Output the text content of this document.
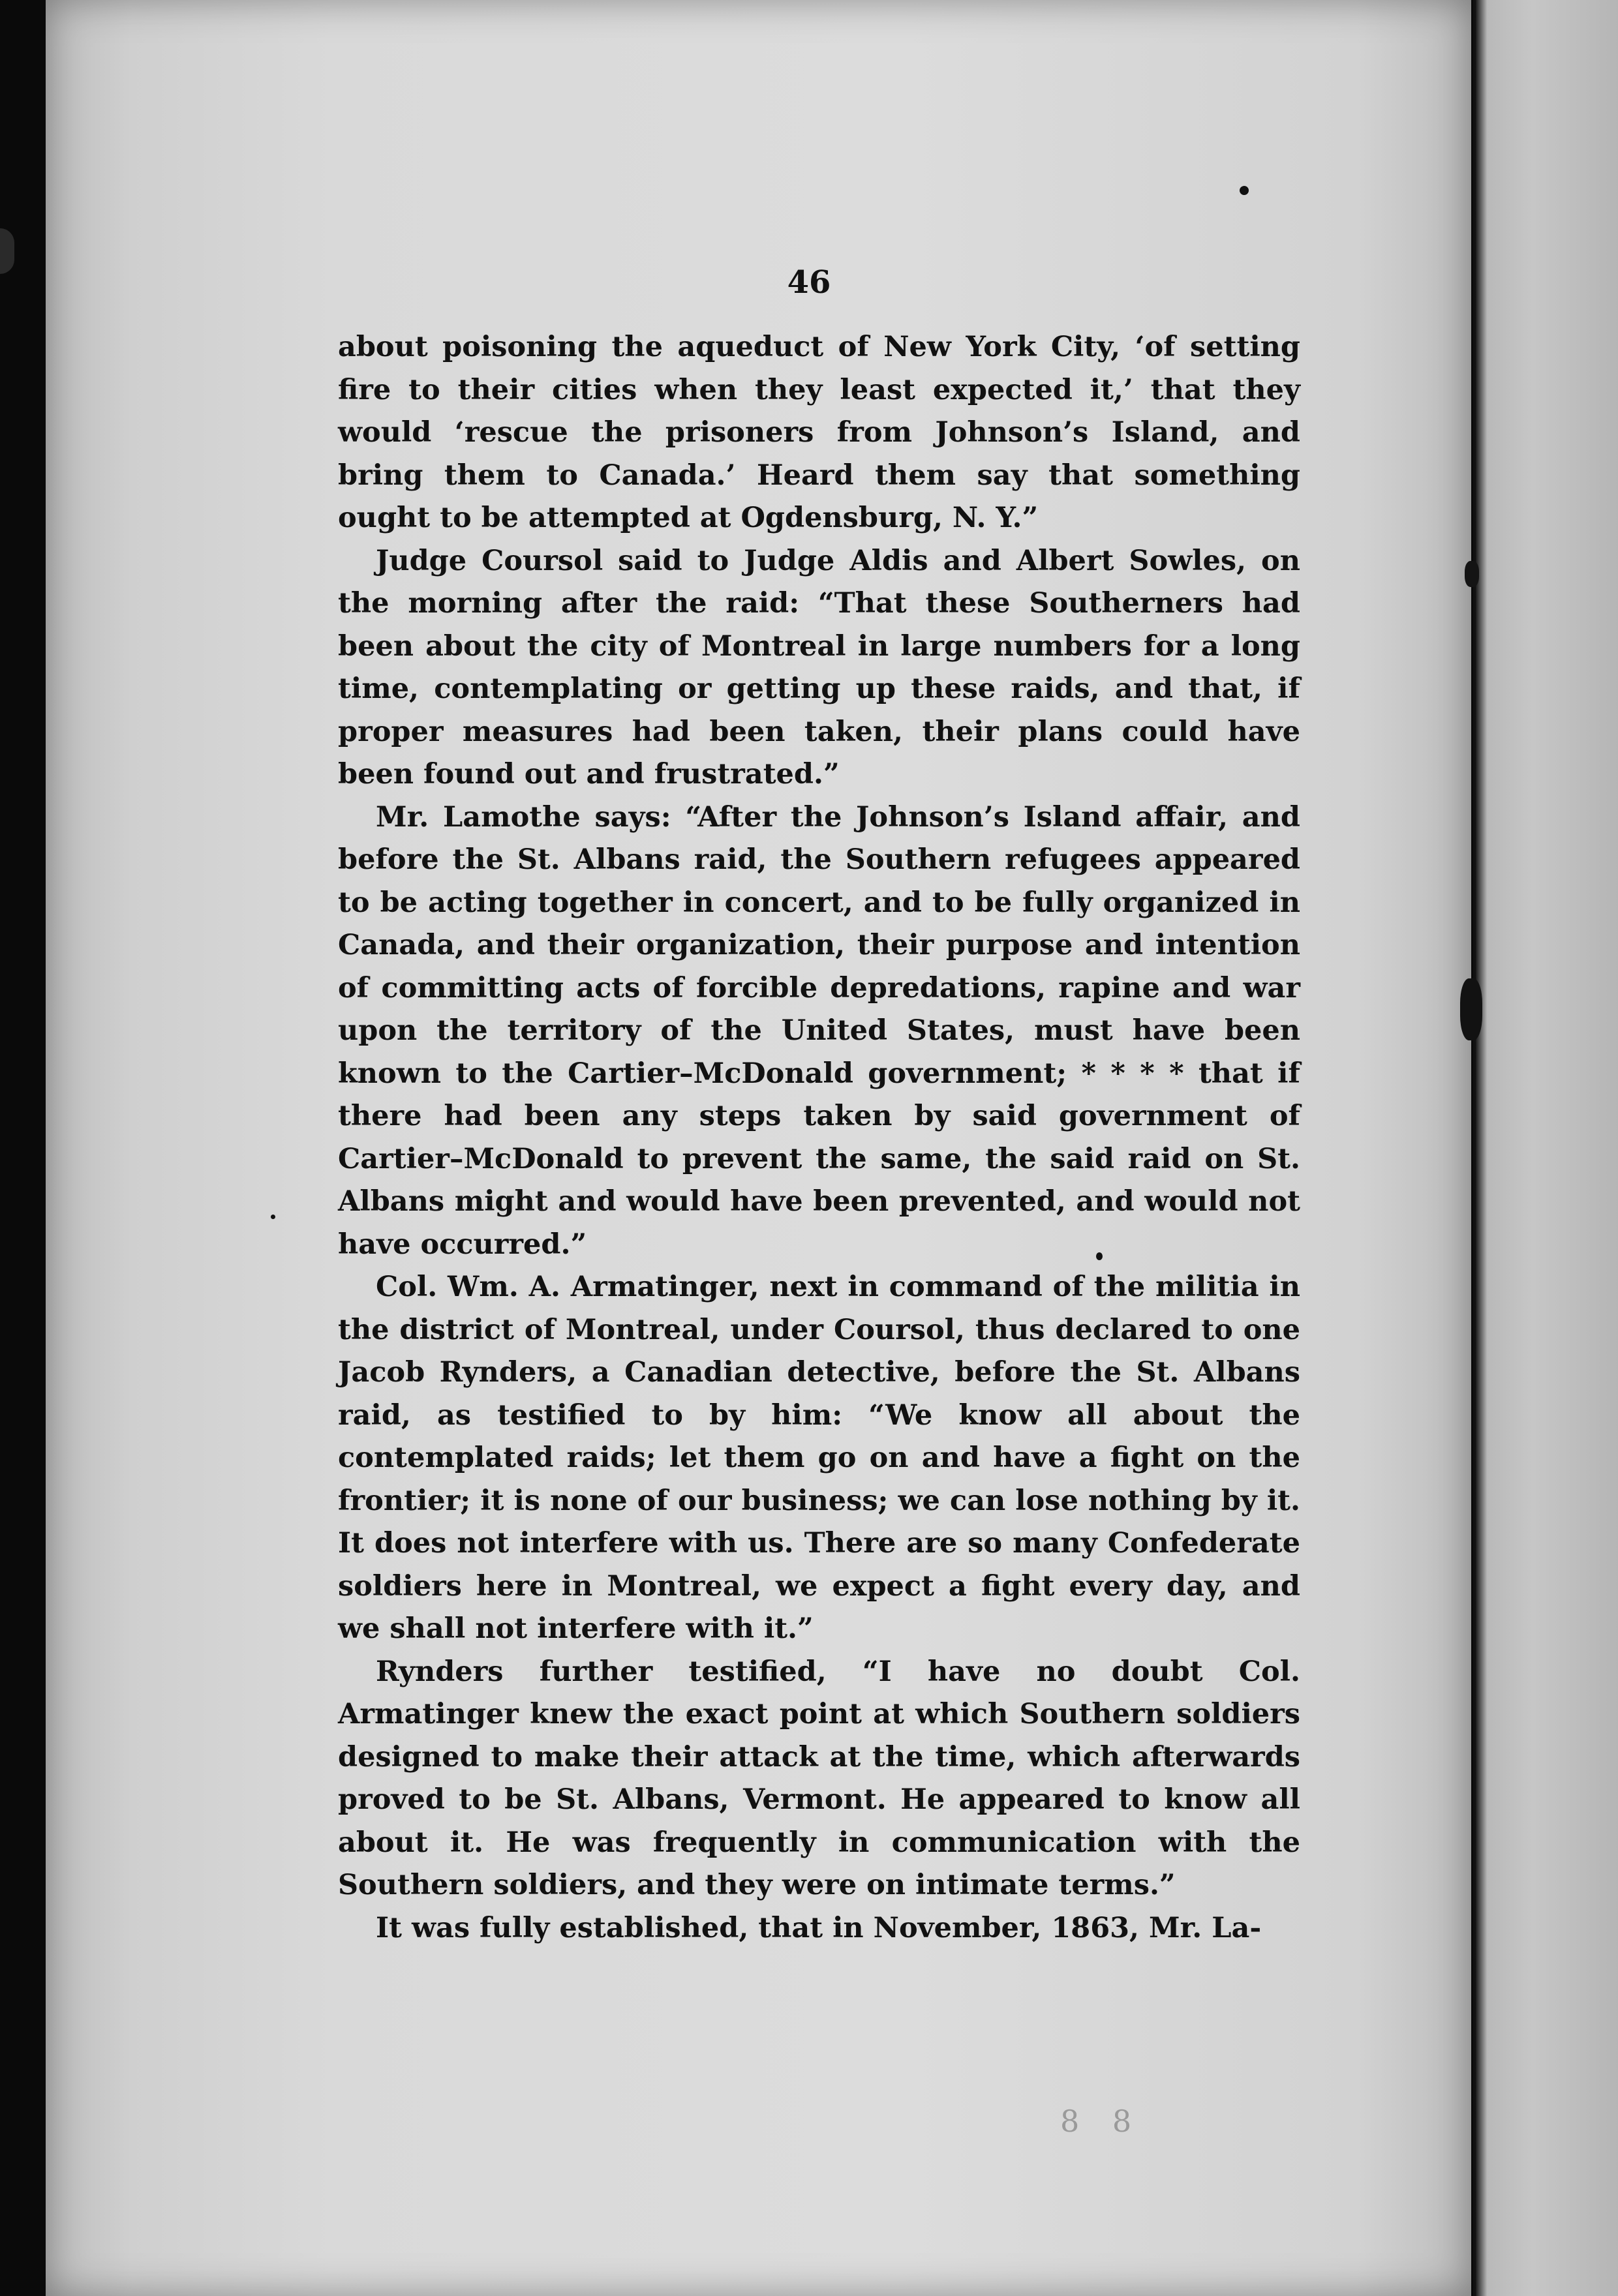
46

about poisoning the aqueduct of New York City, ‘of setting fire to their cities when they least expected it,’ that they would ‘rescue the prisoners from Johnson’s Island, and bring them to Canada.’ Heard them say that something ought to be attempted at Ogdensburg, N. Y.”

Judge Coursol said to Judge Aldis and Albert Sowles, on the morning after the raid: “That these Southerners had been about the city of Montreal in large numbers for a long time, contemplating or getting up these raids, and that, if proper measures had been taken, their plans could have been found out and frustrated.”

Mr. Lamothe says: “After the Johnson’s Island affair, and before the St. Albans raid, the Southern refugees appeared to be acting together in concert, and to be fully organized in Canada, and their organization, their purpose and intention of committing acts of forcible depredations, rapine and war upon the territory of the United States, must have been known to the Cartier–McDonald government; * * * * that if there had been any steps taken by said government of Cartier–McDonald to prevent the same, the said raid on St. Albans might and would have been prevented, and would not have occurred.”

Col. Wm. A. Armatinger, next in command of the militia in the district of Montreal, under Coursol, thus declared to one Jacob Rynders, a Canadian detective, before the St. Albans raid, as testified to by him: “We know all about the contemplated raids; let them go on and have a fight on the frontier; it is none of our business; we can lose nothing by it. It does not interfere with us. There are so many Confederate soldiers here in Montreal, we expect a fight every day, and we shall not interfere with it.”

Rynders further testified, “I have no doubt Col. Armatinger knew the exact point at which Southern soldiers designed to make their attack at the time, which afterwards proved to be St. Albans, Vermont. He appeared to know all about it. He was frequently in communication with the Southern soldiers, and they were on intimate terms.”

It was fully established, that in November, 1863, Mr. La-

8 8
